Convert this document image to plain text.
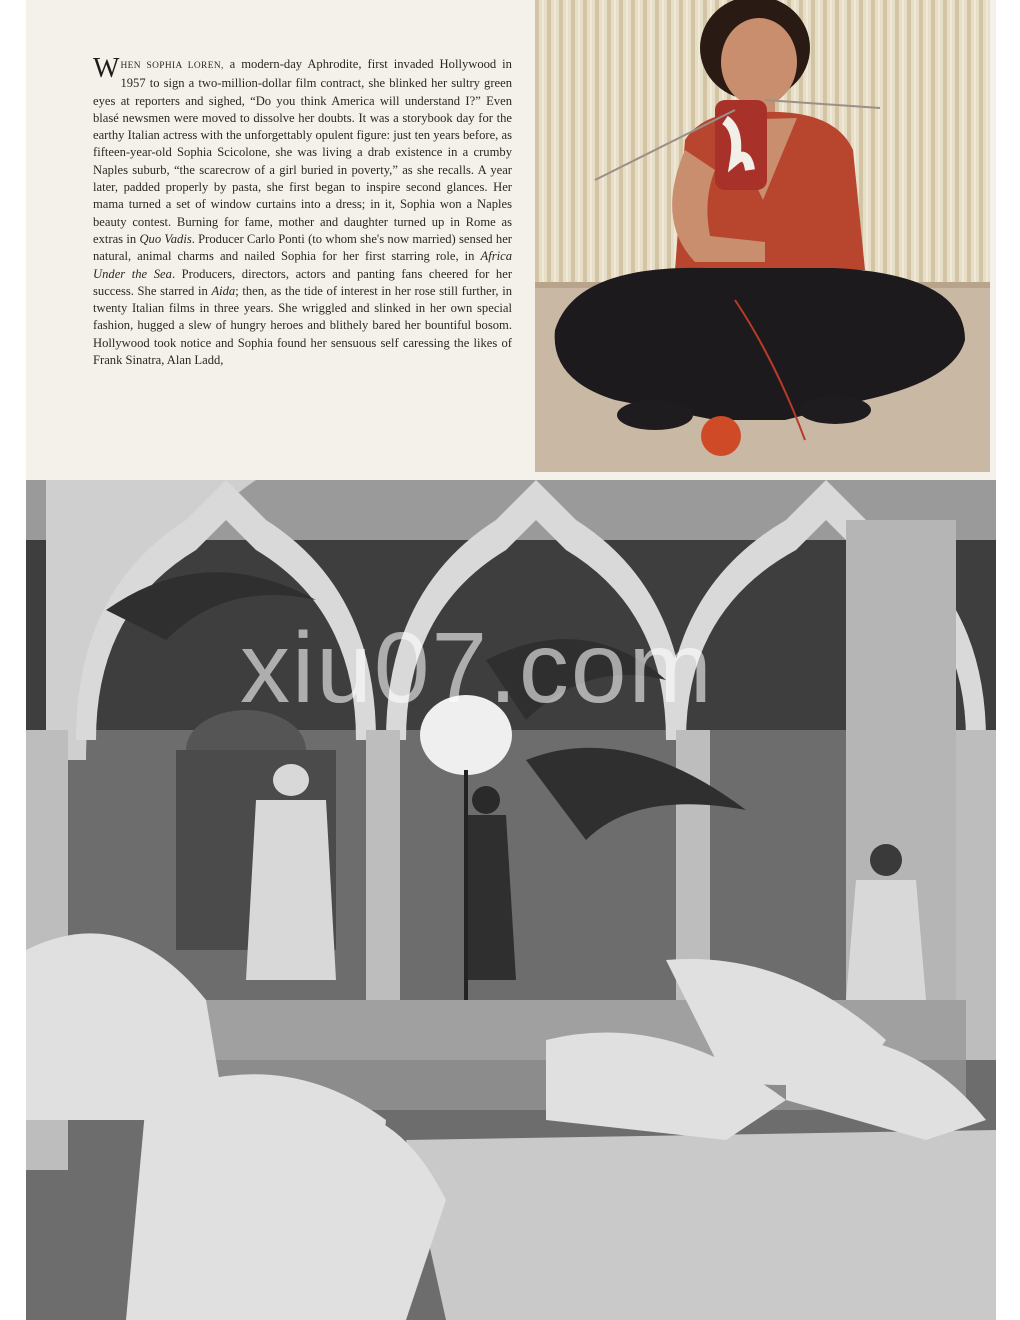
WHEN SOPHIA LOREN, a modern-day Aphrodite, first invaded Hollywood in 1957 to sign a two-million-dollar film contract, she blinked her sultry green eyes at reporters and sighed, “Do you think America will understand I?” Even blasé newsmen were moved to dissolve her doubts. It was a storybook day for the earthy Italian actress with the unforgettably opulent figure: just ten years before, as fifteen-year-old Sophia Scicolone, she was living a drab existence in a crumby Naples suburb, “the scarecrow of a girl buried in poverty,” as she recalls. A year later, padded properly by pasta, she first began to inspire second glances. Her mama turned a set of window curtains into a dress; in it, Sophia won a Naples beauty contest. Burning for fame, mother and daughter turned up in Rome as extras in Quo Vadis. Producer Carlo Ponti (to whom she's now married) sensed her natural, animal charms and nailed Sophia for her first starring role, in Africa Under the Sea. Producers, directors, actors and panting fans cheered for her success. She starred in Aida; then, as the tide of interest in her rose still further, in twenty Italian films in three years. She wriggled and slinked in her own special fashion, hugged a slew of hungry heroes and blithely bared her bountiful bosom. Hollywood took notice and Sophia found her sensuous self caressing the likes of Frank Sinatra, Alan Ladd,

xiu07.com
